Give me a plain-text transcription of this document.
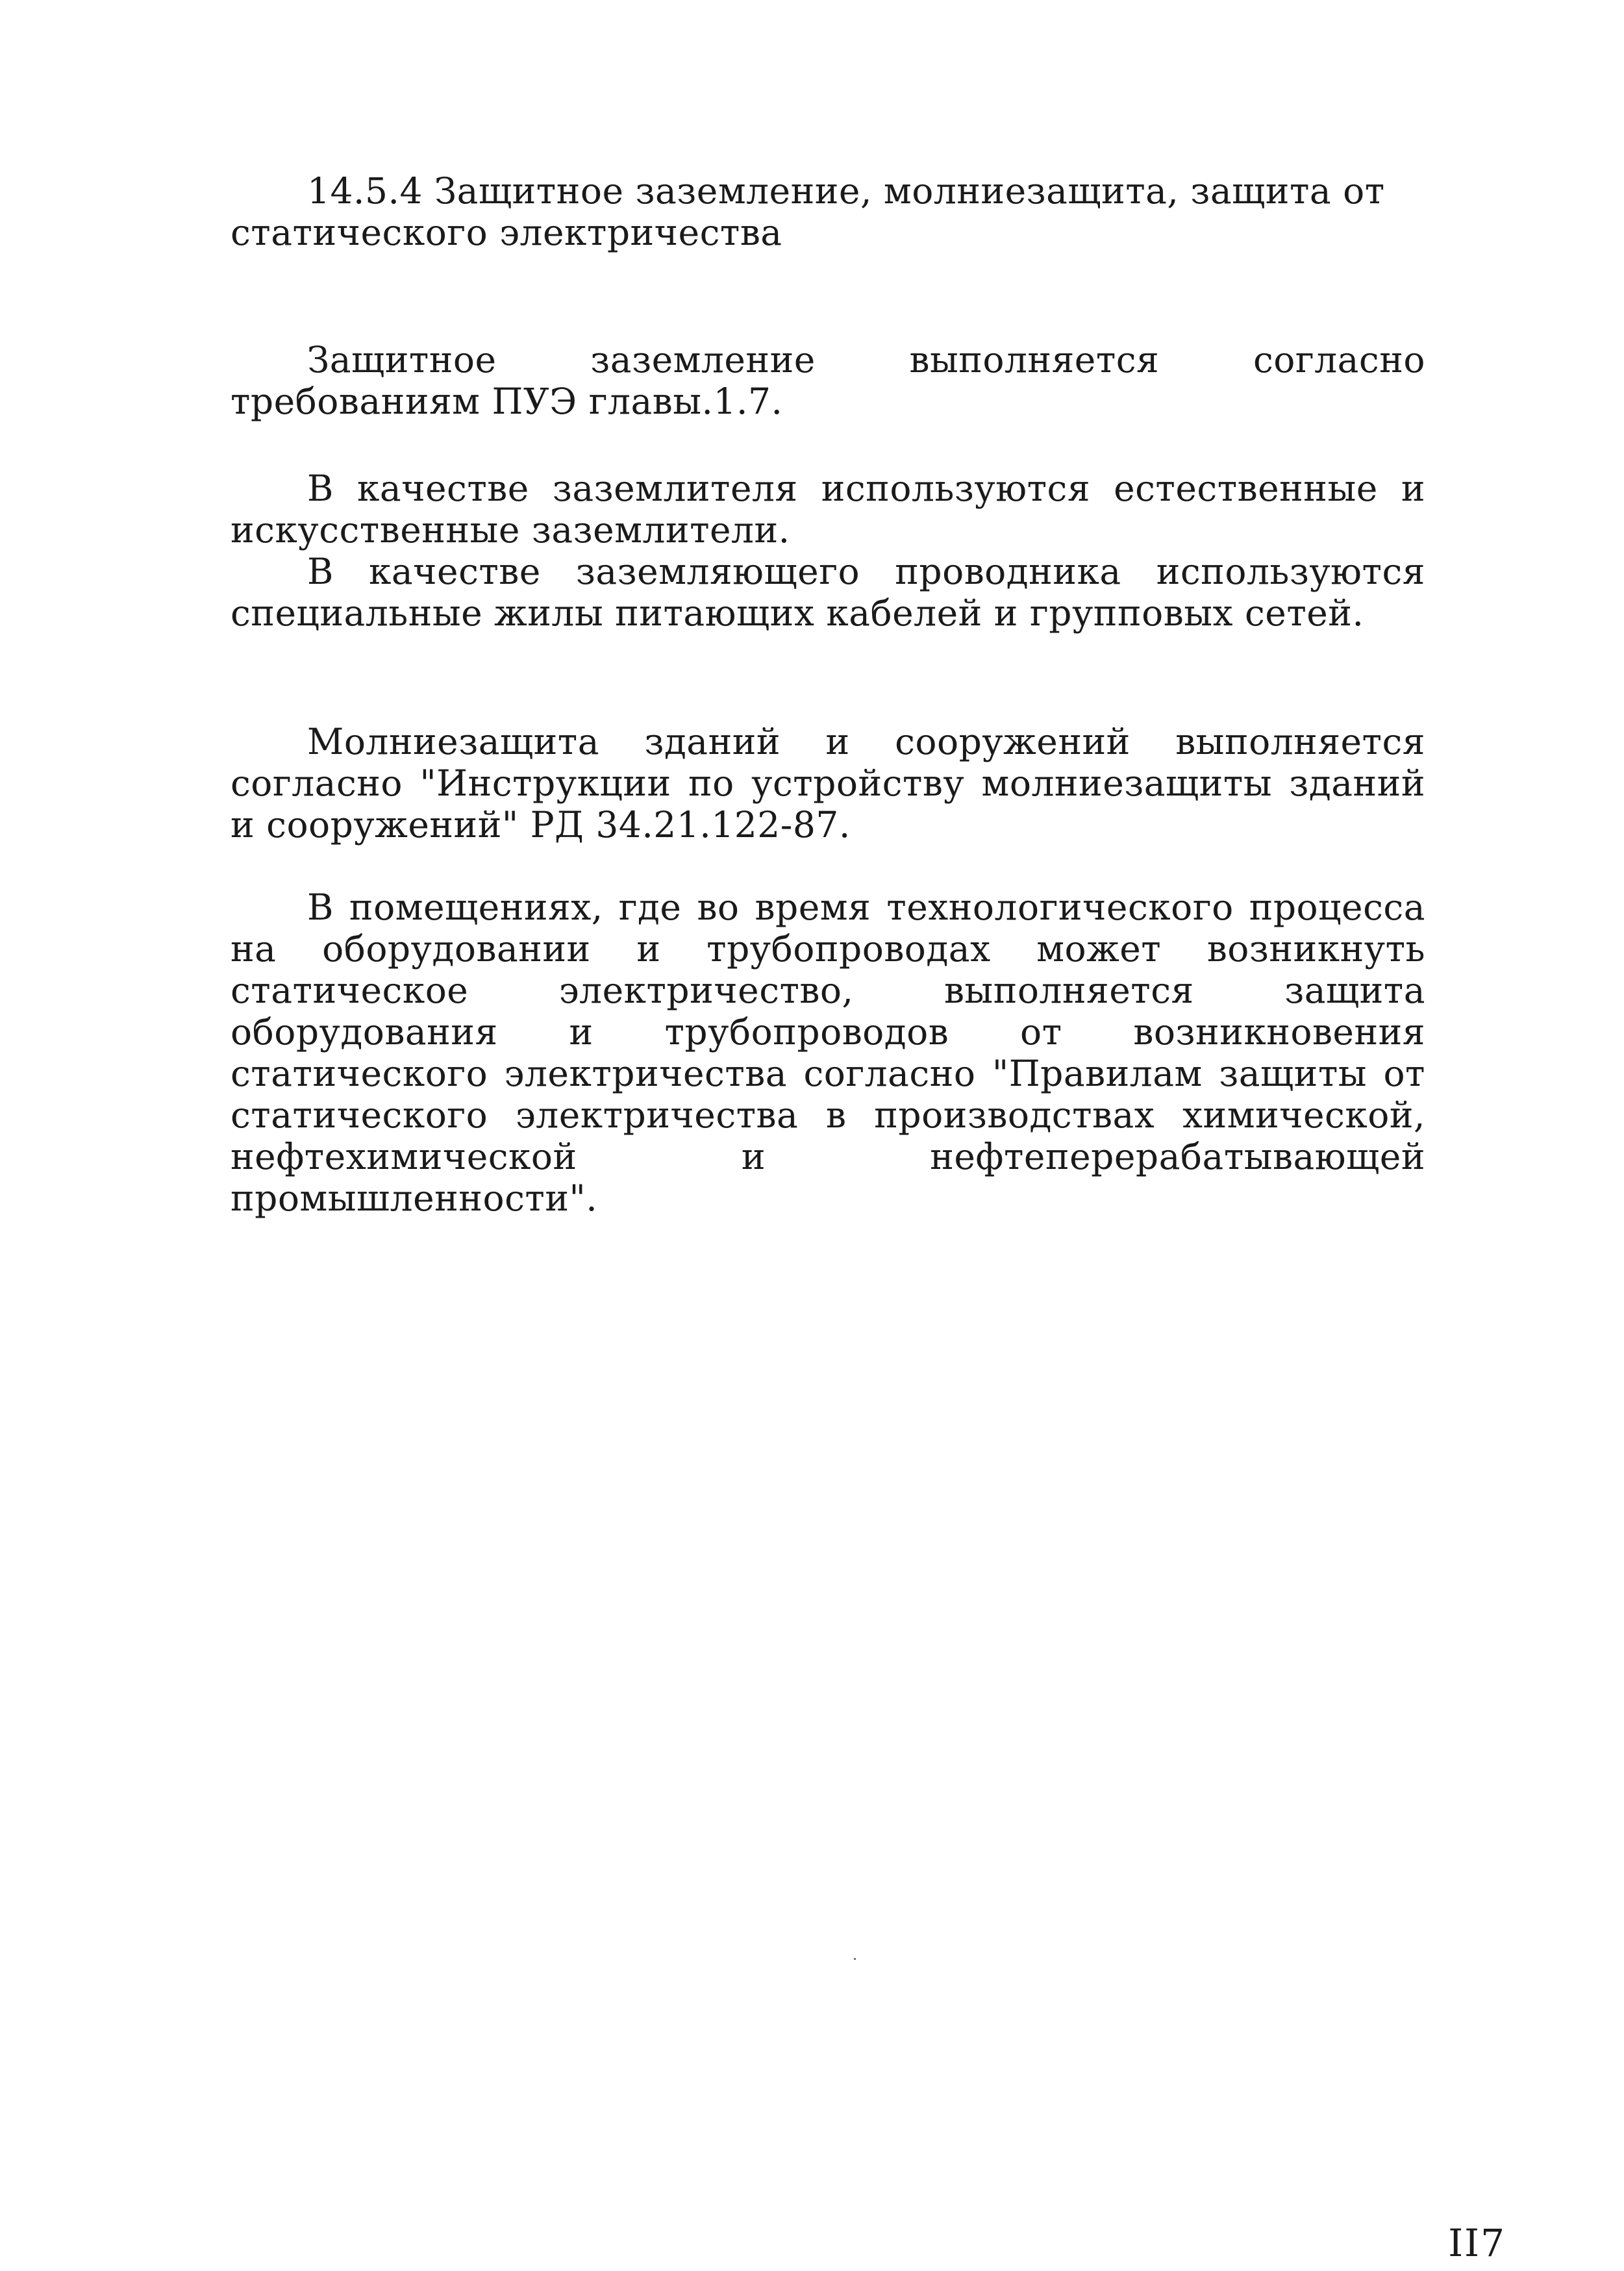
14.5.4 Защитное заземление, молниезащита, защита от

статического электричества

Защитное заземление выполняется согласно требованиям ПУЭ главы.1.7.

В качестве заземлителя используются естественные и искусственные заземлители.

В качестве заземляющего проводника используются специальные жилы питающих кабелей и групповых сетей.

Молниезащита зданий и сооружений выполняется согласно "Инструкции по устройству молниезащиты зданий и сооружений" РД 34.21.122-87.

В помещениях, где во время технологического процесса на оборудовании и трубопроводах может возникнуть статическое электричество, выполняется защита оборудования и трубопроводов от возникновения статического электричества согласно "Правилам защиты от статического электричества в производствах химической, нефтехимической и нефтеперерабатывающей промышленности".

II7
